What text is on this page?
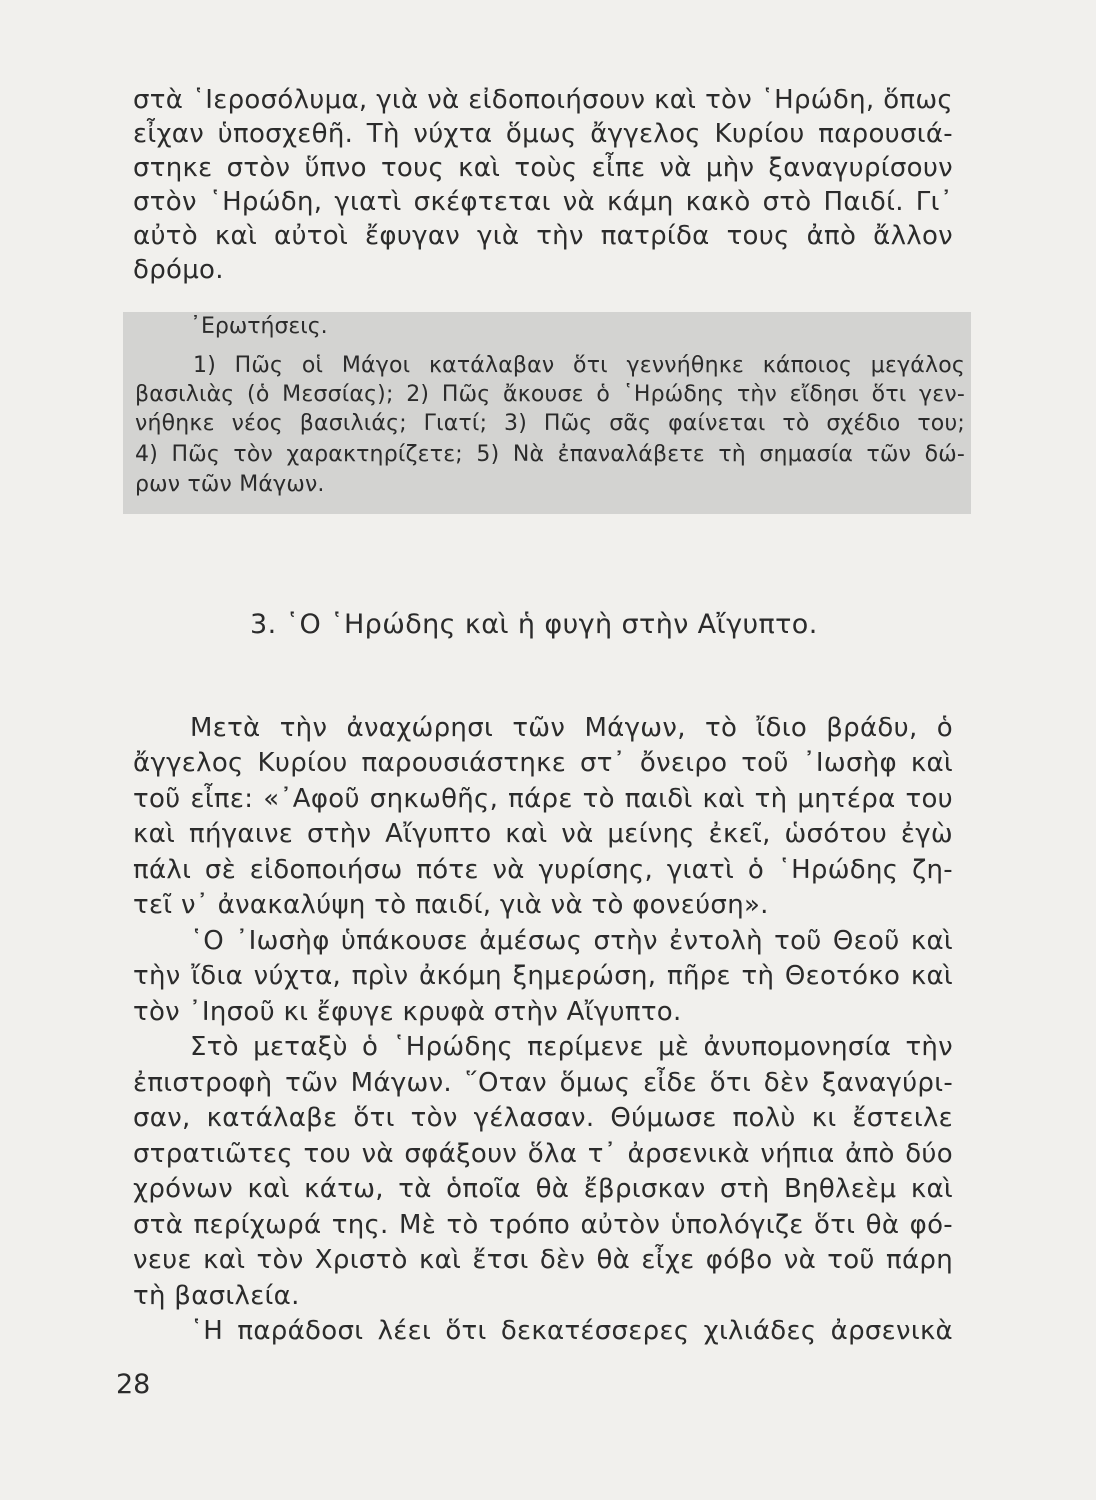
στὰ ῾Ιεροσόλυμα, γιὰ νὰ εἰδοποιήσουν καὶ τὸν ῾Ηρώδη, ὅπως
εἶχαν ὑποσχεθῆ. Τὴ νύχτα ὅμως ἄγγελος Κυρίου παρουσιά-
στηκε στὸν ὕπνο τους καὶ τοὺς εἶπε νὰ μὴν ξαναγυρίσουν
στὸν ῾Ηρώδη, γιατὶ σκέφτεται νὰ κάμη κακὸ στὸ Παιδί. Γι᾿
αὐτὸ καὶ αὐτοὶ ἔφυγαν γιὰ τὴν πατρίδα τους ἀπὸ ἄλλον
δρόμο.
᾿Ερωτήσεις.
1) Πῶς οἱ Μάγοι κατάλαβαν ὅτι γεννήθηκε κάποιος μεγάλος
βασιλιὰς (ὁ Μεσσίας); 2) Πῶς ἄκουσε ὁ ῾Ηρώδης τὴν εἴδησι ὅτι γεν-
νήθηκε νέος βασιλιάς; Γιατί; 3) Πῶς σᾶς φαίνεται τὸ σχέδιο του;
4) Πῶς τὸν χαρακτηρίζετε; 5) Νὰ ἐπαναλάβετε τὴ σημασία τῶν δώ-
ρων τῶν Μάγων.
3. ῾Ο ῾Ηρώδης καὶ ἡ φυγὴ στὴν Αἴγυπτο.
Μετὰ τὴν ἀναχώρησι τῶν Μάγων, τὸ ἴδιο βράδυ, ὁ
ἄγγελος Κυρίου παρουσιάστηκε στ᾿ ὄνειρο τοῦ ᾿Ιωσὴφ καὶ
τοῦ εἶπε: «᾿Αφοῦ σηκωθῆς, πάρε τὸ παιδὶ καὶ τὴ μητέρα του
καὶ πήγαινε στὴν Αἴγυπτο καὶ νὰ μείνης ἐκεῖ, ὡσότου ἐγὼ
πάλι σὲ εἰδοποιήσω πότε νὰ γυρίσης, γιατὶ ὁ ῾Ηρώδης ζη-
τεῖ ν᾿ ἀνακαλύψη τὸ παιδί, γιὰ νὰ τὸ φονεύση».
῾Ο ᾿Ιωσὴφ ὑπάκουσε ἀμέσως στὴν ἐντολὴ τοῦ Θεοῦ καὶ
τὴν ἴδια νύχτα, πρὶν ἀκόμη ξημερώση, πῆρε τὴ Θεοτόκο καὶ
τὸν ᾿Ιησοῦ κι ἔφυγε κρυφὰ στὴν Αἴγυπτο.
Στὸ μεταξὺ ὁ ῾Ηρώδης περίμενε μὲ ἀνυπομονησία τὴν
ἐπιστροφὴ τῶν Μάγων. ῞Οταν ὅμως εἶδε ὅτι δὲν ξαναγύρι-
σαν, κατάλαβε ὅτι τὸν γέλασαν. Θύμωσε πολὺ κι ἔστειλε
στρατιῶτες του νὰ σφάξουν ὅλα τ᾿ ἀρσενικὰ νήπια ἀπὸ δύο
χρόνων καὶ κάτω, τὰ ὁποῖα θὰ ἔβρισκαν στὴ Βηθλεὲμ καὶ
στὰ περίχωρά της. Μὲ τὸ τρόπο αὐτὸν ὑπολόγιζε ὅτι θὰ φό-
νευε καὶ τὸν Χριστὸ καὶ ἔτσι δὲν θὰ εἶχε φόβο νὰ τοῦ πάρη
τὴ βασιλεία.
῾Η παράδοσι λέει ὅτι δεκατέσσερες χιλιάδες ἀρσενικὰ
28
